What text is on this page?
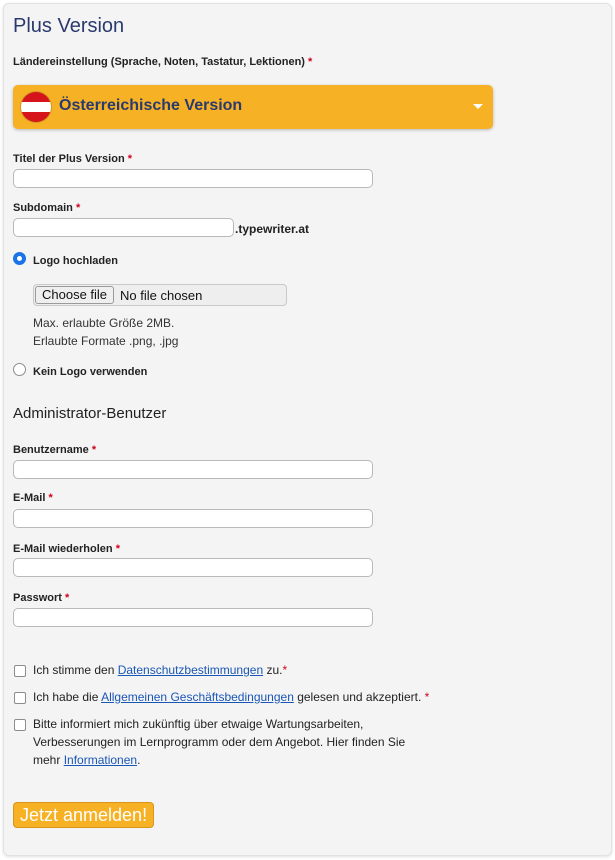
Plus Version
Ländereinstellung (Sprache, Noten, Tastatur, Lektionen) *
Österreichische Version
Titel der Plus Version *
Subdomain *
.typewriter.at
Logo hochladen
Choose file No file chosen
Max. erlaubte Größe 2MB.
Erlaubte Formate .png, .jpg
Kein Logo verwenden
Administrator-Benutzer
Benutzername *
E-Mail *
E-Mail wiederholen *
Passwort *
Ich stimme den Datenschutzbestimmungen zu.*
Ich habe die Allgemeinen Geschäftsbedingungen gelesen und akzeptiert. *
Bitte informiert mich zukünftig über etwaige Wartungsarbeiten,
Verbesserungen im Lernprogramm oder dem Angebot. Hier finden Sie
mehr Informationen.
Jetzt anmelden!
